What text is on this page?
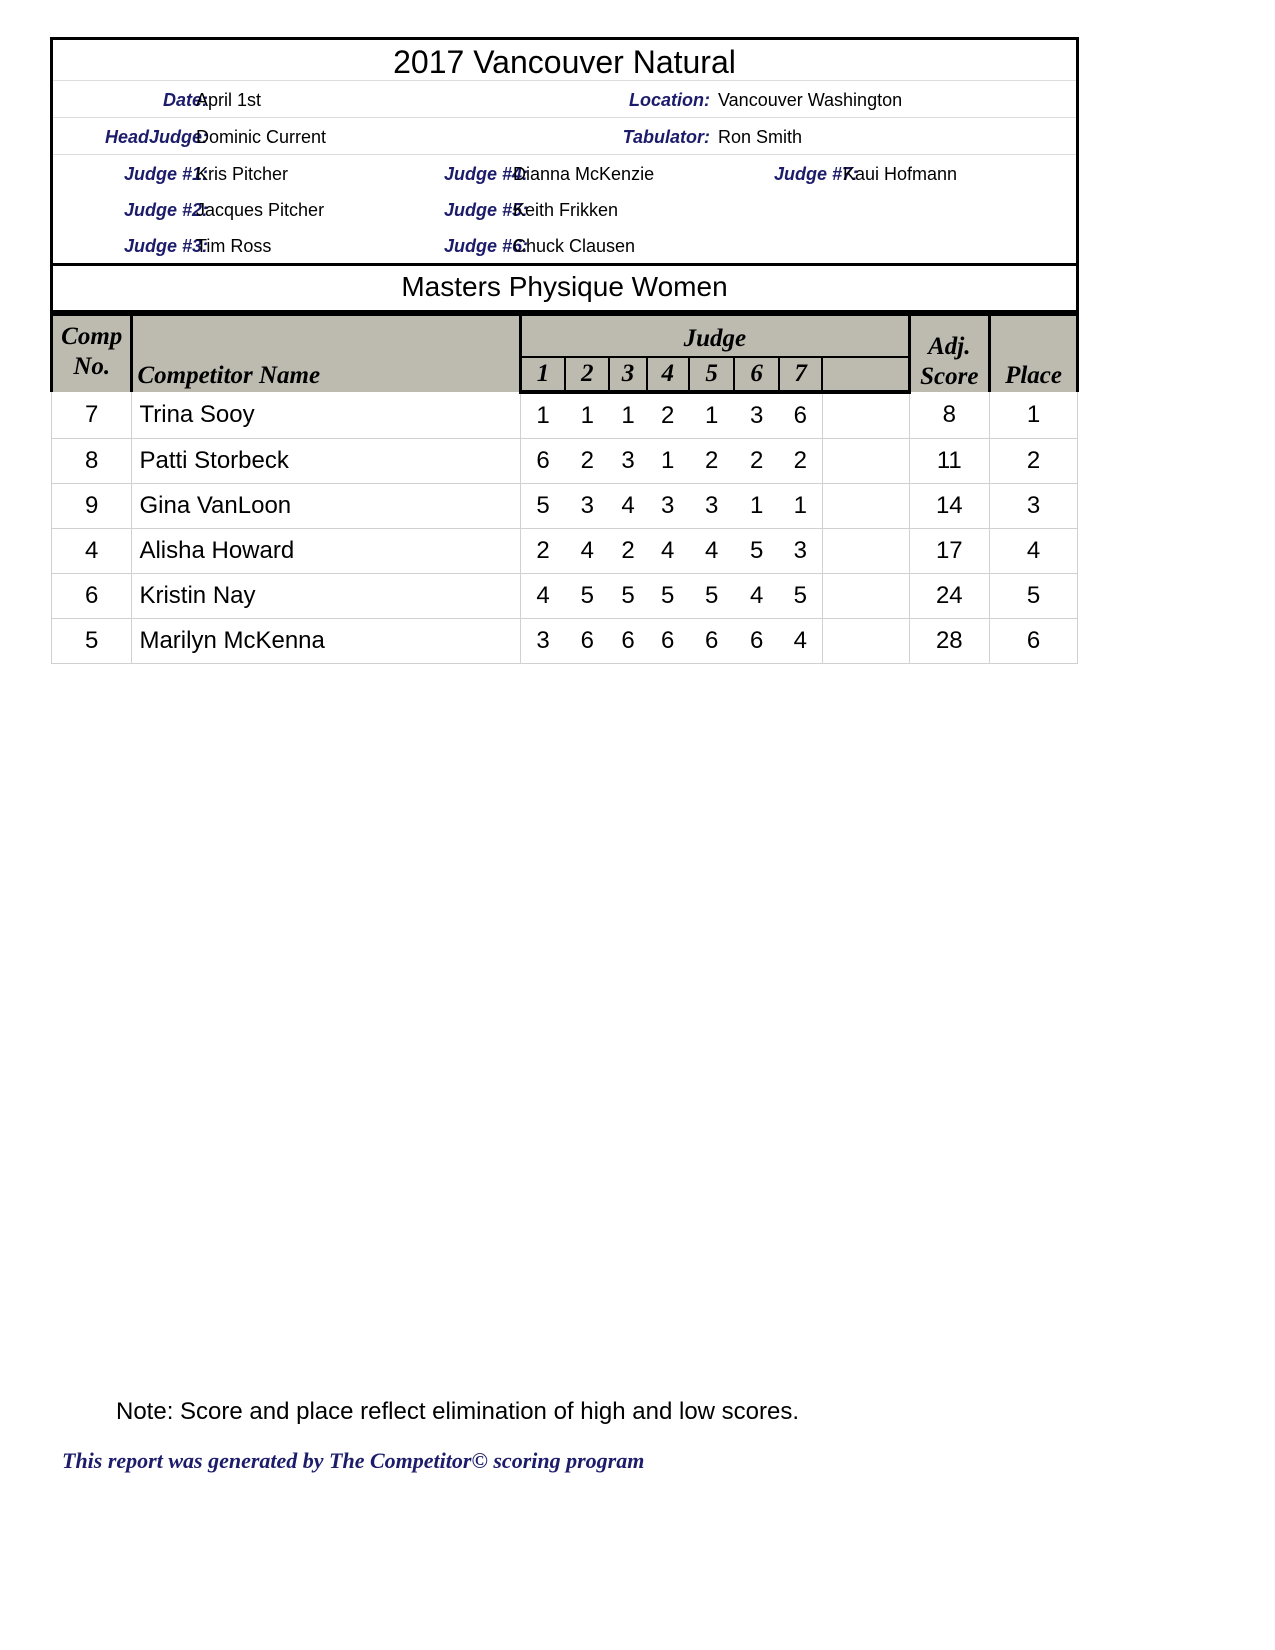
2017 Vancouver Natural
Date:
April 1st	Location: Vancouver Washington
HeadJudge:
Dominic Current	Tabulator: Ron Smith
Judge #1:
Kris Pitcher	Judge #4:
Dianna McKenzie	Judge #7:
Kaui Hofmann
Judge #2:
Jacques Pitcher	Judge #5:
Keith Frikken
Judge #3:
Tim Ross	Judge #6:
Chuck Clausen
Masters Physique Women
Comp
No.	Competitor Name	Judge								Adj.
Score	Place
		1	2	3	4	5	6	7			
7	Trina Sooy	1	1	1	2	1	3	6		8	1
8	Patti Storbeck	6	2	3	1	2	2	2		11	2
9	Gina VanLoon	5	3	4	3	3	1	1		14	3
4	Alisha Howard	2	4	2	4	4	5	3		17	4
6	Kristin Nay	4	5	5	5	5	4	5		24	5
5	Marilyn McKenna	3	6	6	6	6	6	4		28	6
Note: Score and place reflect elimination of high and low scores.
This report was generated by The Competitor© scoring program
